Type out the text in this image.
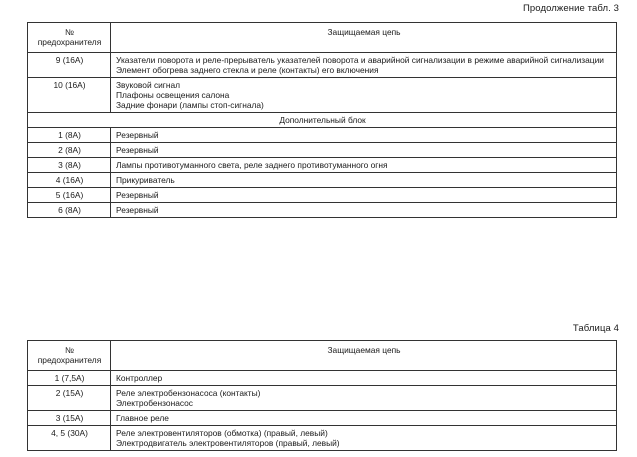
Продолжение табл. 3
№ предохранителя	Защищаемая цепь
9 (16А)	Указатели поворота и реле-прерыватель указателей поворота и аварийной сигнализации в режиме аварийной сигнализации
Элемент обогрева заднего стекла и реле (контакты) его включения

10 (16А)	Звуковой сигнал
Плафоны освещения салона
Задние фонари (лампы стоп-сигнала)

Дополнительный блок	
1 (8А)	Резервный

2 (8А)	Резервный

3 (8А)	Лампы противотуманного света, реле заднего противотуманного огня

4 (16А)	Прикуриватель

5 (16А)	Резервный

6 (8А)	Резервный
Таблица 4
№ предохранителя	Защищаемая цепь
1 (7,5А)	Контроллер

2 (15А)	Реле электробензонасоса (контакты)
Электробензонасос

3 (15А)	Главное реле

4, 5 (30А)	Реле электровентиляторов (обмотка) (правый, левый)
Электродвигатель электровентиляторов (правый, левый)
